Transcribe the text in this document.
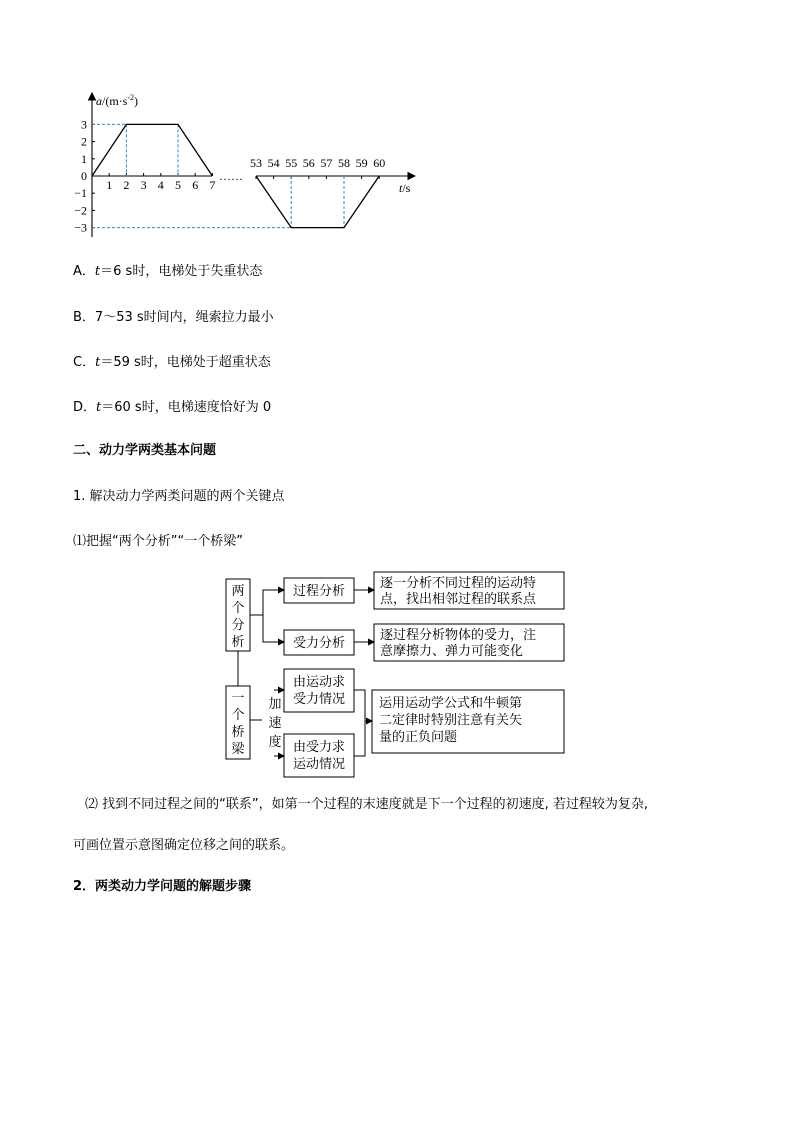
……
$a/(m\cdot s^{-2})$
t/s
3
2
1
0
−1
−2
−3
1 2 3 4 5 6 7
53 54 55 56 57 58 59 60
A．t＝6 s时，电梯处于失重状态
B．7～53 s时间内，绳索拉力最小
C．t＝59 s时，电梯处于超重状态
D．t＝60 s时，电梯速度恰好为 0
二、动力学两类基本问题
1. 解决动力学两类问题的两个关键点
⑴把握“两个分析”“一个桥梁”
两
个
分
析
一
个
桥
梁
加
速
度
过程分析
受力分析
逐一分析不同过程的运动特
点，找出相邻过程的联系点
逐过程分析物体的受力，注
意摩擦力、弹力可能变化
由运动求
受力情况
由受力求
运动情况
运用运动学公式和牛顿第
二定律时特别注意有关矢
量的正负问题
⑵ 找到不同过程之间的“联系”，如第一个过程的末速度就是下一个过程的初速度, 若过程较为复杂,
可画位置示意图确定位移之间的联系。
2．两类动力学问题的解题步骤
